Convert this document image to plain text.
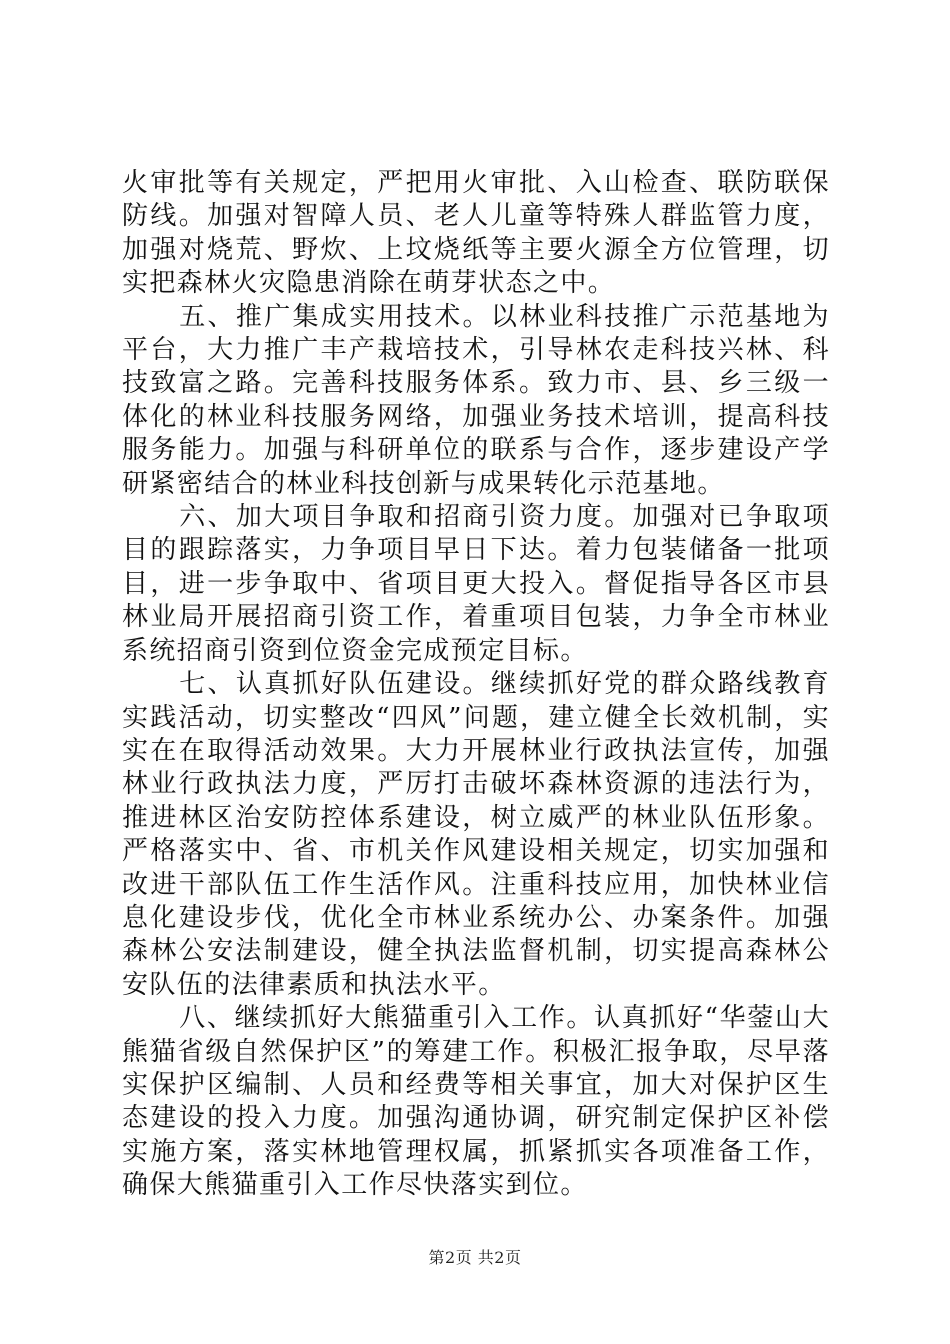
火审批等有关规定，严把用火审批、入山检查、联防联保防线。加强对智障人员、老人儿童等特殊人群监管力度，加强对烧荒、野炊、上坟烧纸等主要火源全方位管理，切实把森林火灾隐患消除在萌芽状态之中。

五、推广集成实用技术。以林业科技推广示范基地为平台，大力推广丰产栽培技术，引导林农走科技兴林、科技致富之路。完善科技服务体系。致力市、县、乡三级一体化的林业科技服务网络，加强业务技术培训，提高科技服务能力。加强与科研单位的联系与合作，逐步建设产学研紧密结合的林业科技创新与成果转化示范基地。

六、加大项目争取和招商引资力度。加强对已争取项目的跟踪落实，力争项目早日下达。着力包装储备一批项目，进一步争取中、省项目更大投入。督促指导各区市县林业局开展招商引资工作，着重项目包装，力争全市林业系统招商引资到位资金完成预定目标。

七、认真抓好队伍建设。继续抓好党的群众路线教育实践活动，切实整改“四风”问题，建立健全长效机制，实实在在取得活动效果。大力开展林业行政执法宣传，加强林业行政执法力度，严厉打击破坏森林资源的违法行为，推进林区治安防控体系建设，树立威严的林业队伍形象。严格落实中、省、市机关作风建设相关规定，切实加强和改进干部队伍工作生活作风。注重科技应用，加快林业信息化建设步伐，优化全市林业系统办公、办案条件。加强森林公安法制建设，健全执法监督机制，切实提高森林公安队伍的法律素质和执法水平。

八、继续抓好大熊猫重引入工作。认真抓好“华蓥山大熊猫省级自然保护区”的筹建工作。积极汇报争取，尽早落实保护区编制、人员和经费等相关事宜，加大对保护区生态建设的投入力度。加强沟通协调，研究制定保护区补偿实施方案，落实林地管理权属，抓紧抓实各项准备工作，确保大熊猫重引入工作尽快落实到位。

第2页 共2页
